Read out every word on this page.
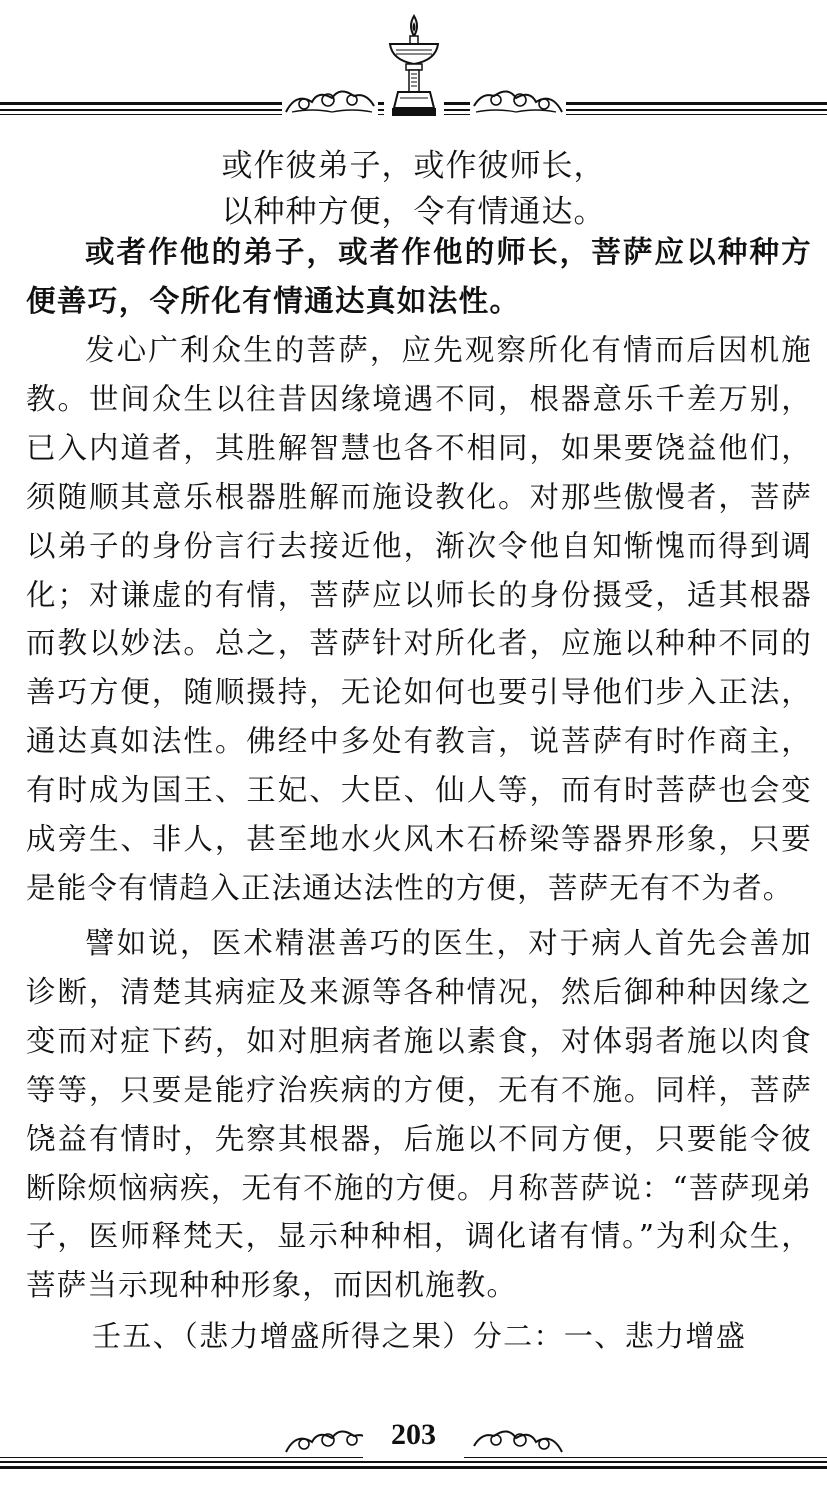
或作彼弟子，或作彼师长，
以种种方便，令有情通达。

或者作他的弟子，或者作他的师长，菩萨应以种种方便善巧，令所化有情通达真如法性。

发心广利众生的菩萨，应先观察所化有情而后因机施教。世间众生以往昔因缘境遇不同，根器意乐千差万别，已入内道者，其胜解智慧也各不相同，如果要饶益他们，须随顺其意乐根器胜解而施设教化。对那些傲慢者，菩萨以弟子的身份言行去接近他，渐次令他自知惭愧而得到调化；对谦虚的有情，菩萨应以师长的身份摄受，适其根器而教以妙法。总之，菩萨针对所化者，应施以种种不同的善巧方便，随顺摄持，无论如何也要引导他们步入正法，通达真如法性。佛经中多处有教言，说菩萨有时作商主，有时成为国王、王妃、大臣、仙人等，而有时菩萨也会变成旁生、非人，甚至地水火风木石桥梁等器界形象，只要是能令有情趋入正法通达法性的方便，菩萨无有不为者。

譬如说，医术精湛善巧的医生，对于病人首先会善加诊断，清楚其病症及来源等各种情况，然后御种种因缘之变而对症下药，如对胆病者施以素食，对体弱者施以肉食等等，只要是能疗治疾病的方便，无有不施。同样，菩萨饶益有情时，先察其根器，后施以不同方便，只要能令彼断除烦恼病疾，无有不施的方便。月称菩萨说：“菩萨现弟子，医师释梵天，显示种种相，调化诸有情。”为利众生，菩萨当示现种种形象，而因机施教。

壬五、（悲力增盛所得之果）分二：一、悲力增盛
203
